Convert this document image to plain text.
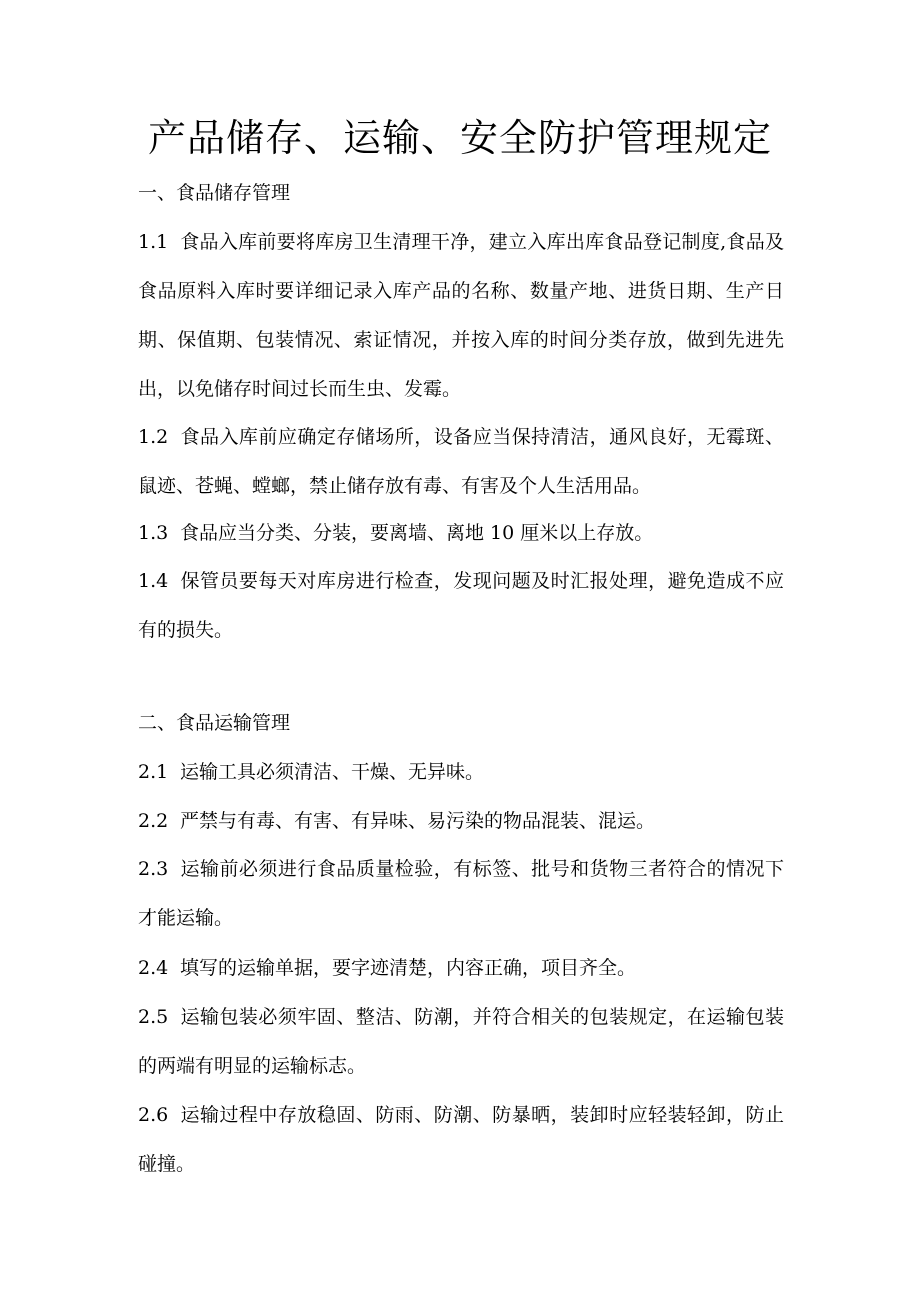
产品储存、运输、安全防护管理规定

一、食品储存管理

1.1 食品入库前要将库房卫生清理干净，建立入库出库食品登记制度,食品及食品原料入库时要详细记录入库产品的名称、数量产地、进货日期、生产日期、保值期、包装情况、索证情况，并按入库的时间分类存放，做到先进先出，以免储存时间过长而生虫、发霉。

1.2 食品入库前应确定存储场所，设备应当保持清洁，通风良好，无霉斑、鼠迹、苍蝇、螳螂，禁止储存放有毒、有害及个人生活用品。

1.3 食品应当分类、分装，要离墙、离地 10 厘米以上存放。

1.4 保管员要每天对库房进行检查，发现问题及时汇报处理，避免造成不应有的损失。

二、食品运输管理

2.1 运输工具必须清洁、干燥、无异味。

2.2 严禁与有毒、有害、有异味、易污染的物品混装、混运。

2.3 运输前必须进行食品质量检验，有标签、批号和货物三者符合的情况下才能运输。

2.4 填写的运输单据，要字迹清楚，内容正确，项目齐全。

2.5 运输包装必须牢固、整洁、防潮，并符合相关的包装规定，在运输包装的两端有明显的运输标志。

2.6 运输过程中存放稳固、防雨、防潮、防暴晒，装卸时应轻装轻卸，防止碰撞。
